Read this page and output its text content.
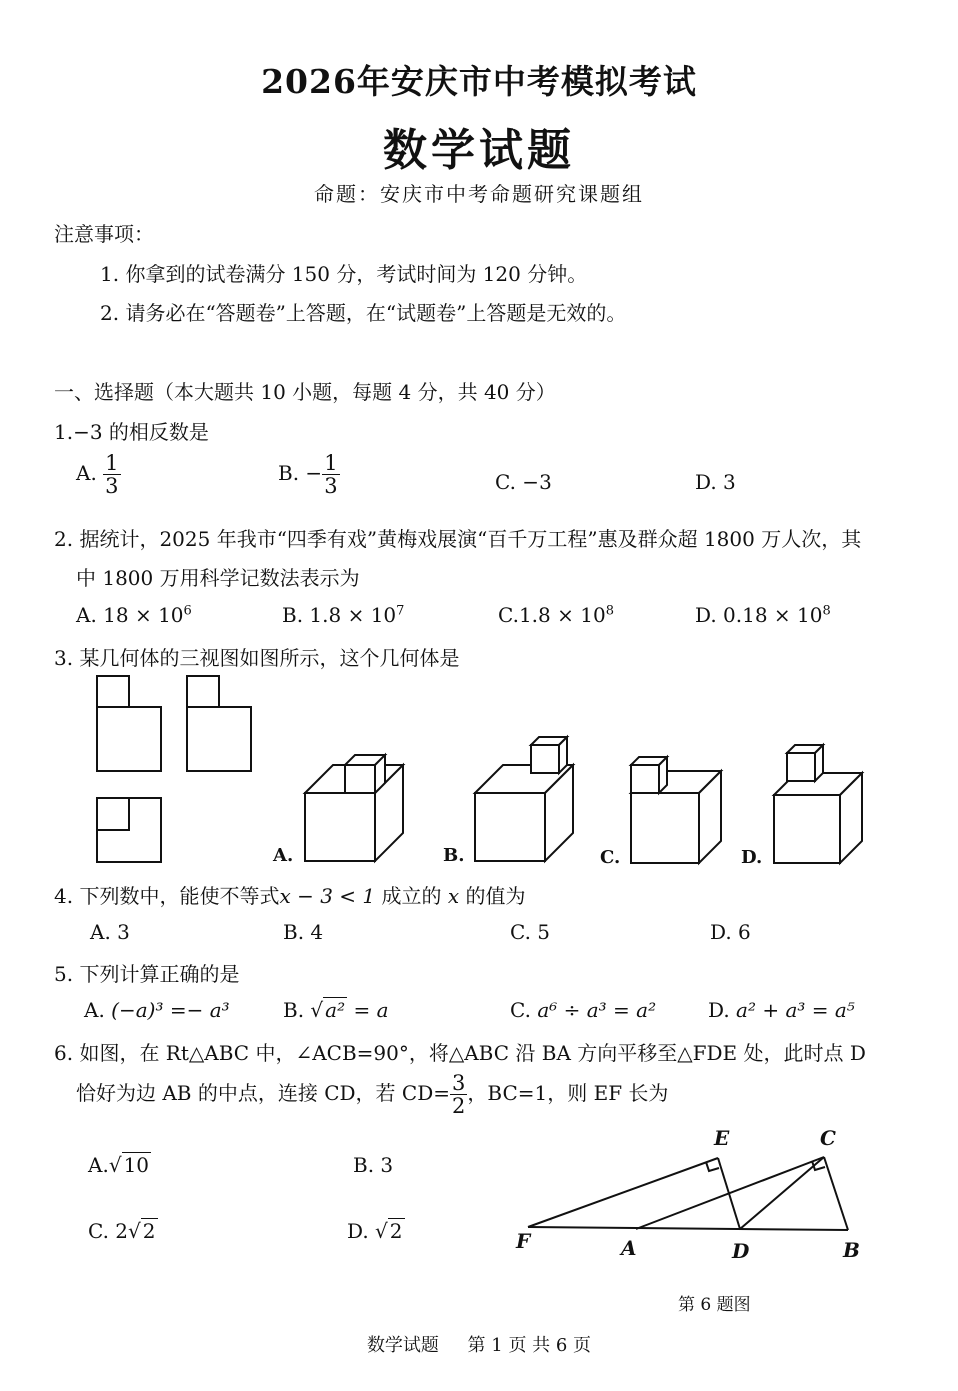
2026年安庆市中考模拟考试
数学试题
命题：安庆市中考命题研究课题组
注意事项：
1. 你拿到的试卷满分 150 分，考试时间为 120 分钟。
2. 请务必在“答题卷”上答题，在“试题卷”上答题是无效的。
一、选择题（本大题共 10 小题，每题 4 分，共 40 分）
1.−3 的相反数是
A. $\frac{1}{3}$	B. − $\frac{1}{3}$	C. −3	D. 3
2. 据统计，2025 年我市“四季有戏”黄梅戏展演“百千万工程”惠及群众超 1800 万人次，其
中 1800 万用科学记数法表示为
A. $18 \times 10^6$	B. $1.8 \times 10^7$	$C.1.8 \times 10^8$	D. $0.18 \times 10^8$
3. 某几何体的三视图如图所示，这个几何体是
A.	B.	C.	D.
4. 下列数中，能使不等式x − 3 < 1 成立的 x 的值为
A. 3	B. 4	C. 5	D. 6
5. 下列计算正确的是
A. (−a)³ =− a³	B. √ a² = a	C. a⁶ ÷ a³ = a²	D. a² + a³ = a⁵
6. 如图，在 Rt△ABC 中，∠ACB=90°，将△ABC 沿 BA 方向平移至△FDE 处，此时点 D
恰好为边 AB 的中点，连接 CD，若 $CD= \frac{3}{2}$ ，BC=1，则 EF 长为
A.√ 10	B. 3
C. 2√ 2	D. √ 2
E	C
F	A	D	B
第 6 题图
数学试题     第 1 页 共 6 页
